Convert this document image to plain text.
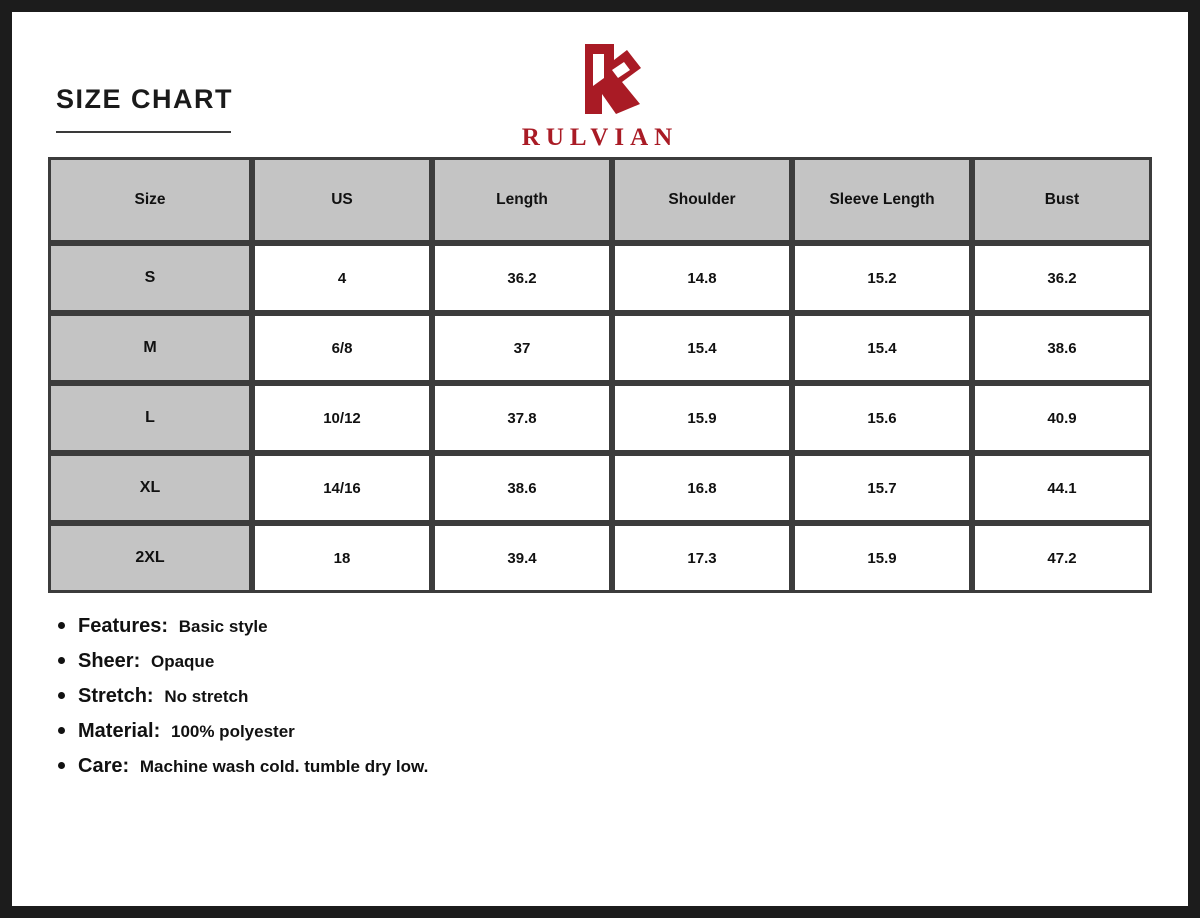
SIZE CHART
RULVIAN
Size	US	Length	Shoulder	Sleeve Length	Bust
S	4	36.2	14.8	15.2	36.2
M	6/8	37	15.4	15.4	38.6
L	10/12	37.8	15.9	15.6	40.9
XL	14/16	38.6	16.8	15.7	44.1
2XL	18	39.4	17.3	15.9	47.2
Features: Basic style
Sheer: Opaque
Stretch: No stretch
Material: 100% polyester
Care: Machine wash cold. tumble dry low.
